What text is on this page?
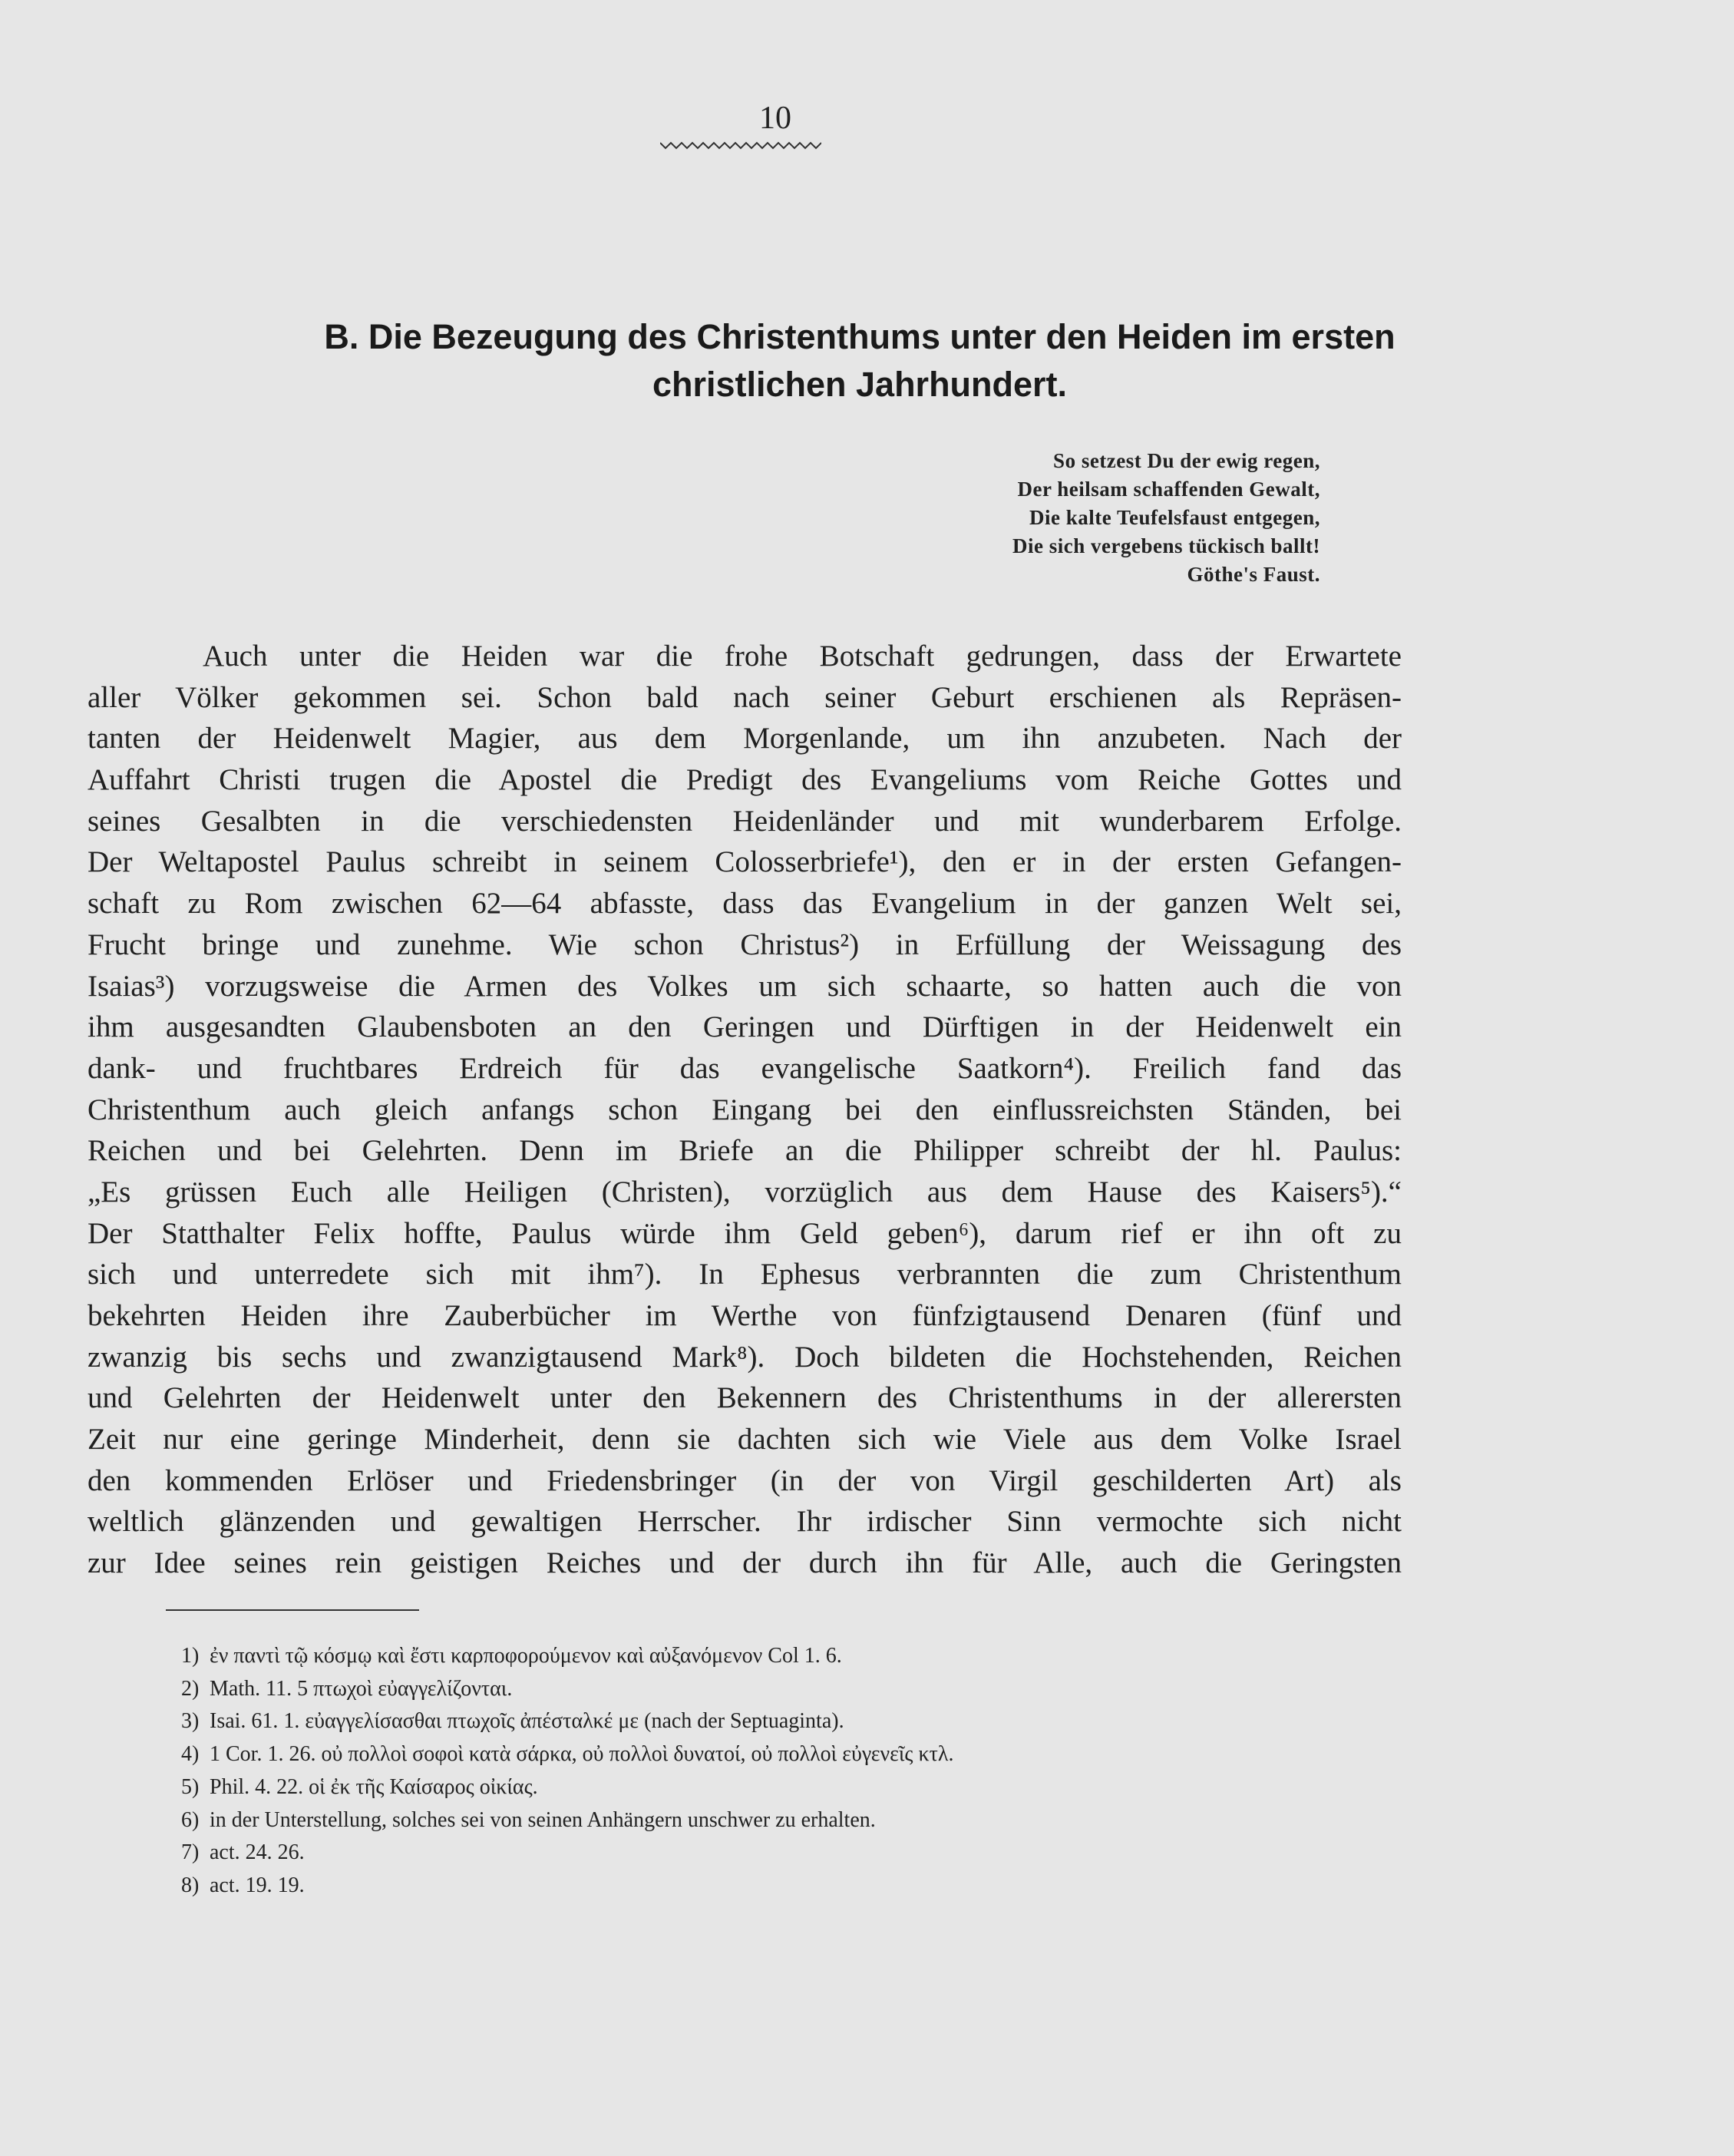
10
B. Die Bezeugung des Christenthums unter den Heiden im ersten
christlichen Jahrhundert.
So setzest Du der ewig regen,
Der heilsam schaffenden Gewalt,
Die kalte Teufelsfaust entgegen,
Die sich vergebens tückisch ballt!
Göthe's Faust.
Auch unter die Heiden war die frohe Botschaft gedrungen, dass der Erwartete
aller Völker gekommen sei. Schon bald nach seiner Geburt erschienen als Repräsen-
tanten der Heidenwelt Magier, aus dem Morgenlande, um ihn anzubeten. Nach der
Auffahrt Christi trugen die Apostel die Predigt des Evangeliums vom Reiche Gottes und
seines Gesalbten in die verschiedensten Heidenländer und mit wunderbarem Erfolge.
Der Weltapostel Paulus schreibt in seinem Colosserbriefe¹), den er in der ersten Gefangen-
schaft zu Rom zwischen 62—64 abfasste, dass das Evangelium in der ganzen Welt sei,
Frucht bringe und zunehme. Wie schon Christus²) in Erfüllung der Weissagung des
Isaias³) vorzugsweise die Armen des Volkes um sich schaarte, so hatten auch die von
ihm ausgesandten Glaubensboten an den Geringen und Dürftigen in der Heidenwelt ein
dank- und fruchtbares Erdreich für das evangelische Saatkorn⁴). Freilich fand das
Christenthum auch gleich anfangs schon Eingang bei den einflussreichsten Ständen, bei
Reichen und bei Gelehrten. Denn im Briefe an die Philipper schreibt der hl. Paulus:
„Es grüssen Euch alle Heiligen (Christen), vorzüglich aus dem Hause des Kaisers⁵).“
Der Statthalter Felix hoffte, Paulus würde ihm Geld geben⁶), darum rief er ihn oft zu
sich und unterredete sich mit ihm⁷). In Ephesus verbrannten die zum Christenthum
bekehrten Heiden ihre Zauberbücher im Werthe von fünfzigtausend Denaren (fünf und
zwanzig bis sechs und zwanzigtausend Mark⁸). Doch bildeten die Hochstehenden, Reichen
und Gelehrten der Heidenwelt unter den Bekennern des Christenthums in der allerersten
Zeit nur eine geringe Minderheit, denn sie dachten sich wie Viele aus dem Volke Israel
den kommenden Erlöser und Friedensbringer (in der von Virgil geschilderten Art) als
weltlich glänzenden und gewaltigen Herrscher. Ihr irdischer Sinn vermochte sich nicht
zur Idee seines rein geistigen Reiches und der durch ihn für Alle, auch die Geringsten
1) ἐν παντὶ τῷ κόσμῳ καὶ ἔστι καρποφορούμενον καὶ αὐξανόμενον Col 1. 6.
2) Math. 11. 5 πτωχοὶ εὐαγγελίζονται.
3) Isai. 61. 1. εὐαγγελίσασθαι πτωχοῖς ἀπέσταλκέ με (nach der Septuaginta).
4) 1 Cor. 1. 26. οὐ πολλοὶ σοφοὶ κατὰ σάρκα, οὐ πολλοὶ δυνατοί, οὐ πολλοὶ εὐγενεῖς κτλ.
5) Phil. 4. 22. οἱ ἐκ τῆς Καίσαρος οἰκίας.
6) in der Unterstellung, solches sei von seinen Anhängern unschwer zu erhalten.
7) act. 24. 26.
8) act. 19. 19.
